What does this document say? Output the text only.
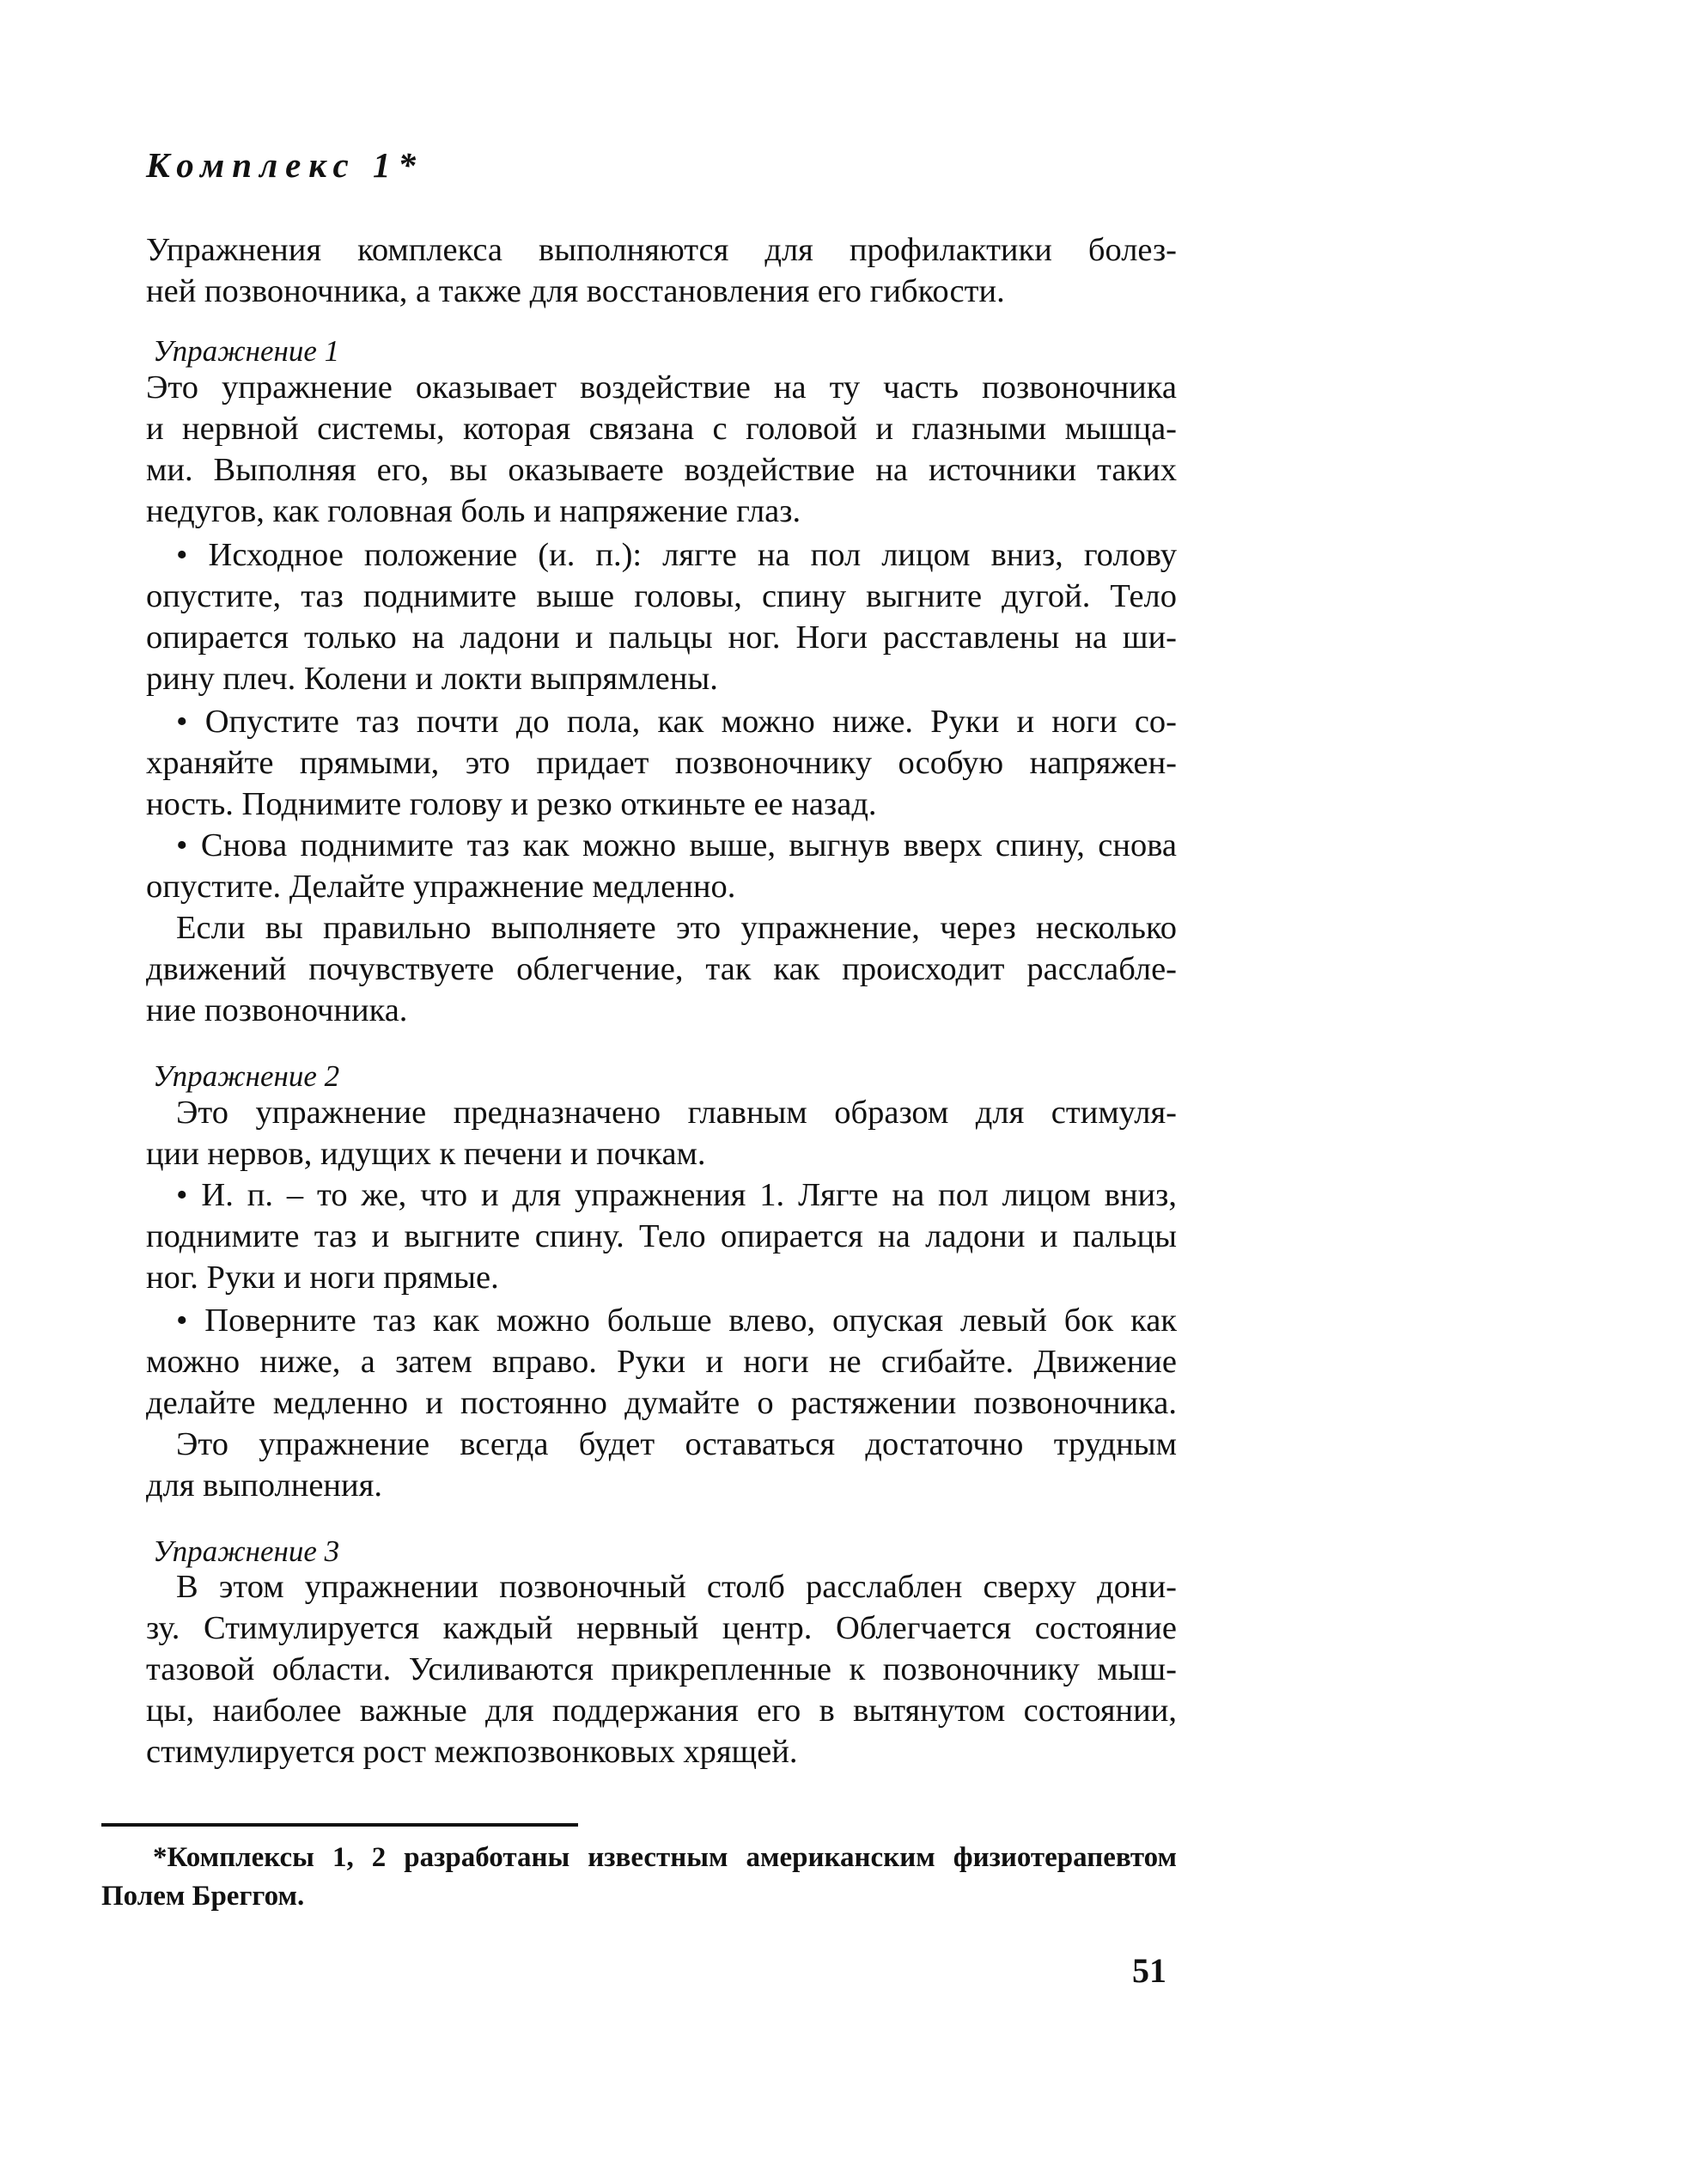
Комплекс 1*
Упражнения комплекса выполняются для профилактики болез-
ней позвоночника, а также для восстановления его гибкости.
Упражнение 1
Это упражнение оказывает воздействие на ту часть позвоночника
и нервной системы, которая связана с головой и глазными мышца-
ми. Выполняя его, вы оказываете воздействие на источники таких
недугов, как головная боль и напряжение глаз.
• Исходное положение (и. п.): лягте на пол лицом вниз, голову
опустите, таз поднимите выше головы, спину выгните дугой. Тело
опирается только на ладони и пальцы ног. Ноги расставлены на ши-
рину плеч. Колени и локти выпрямлены.
• Опустите таз почти до пола, как можно ниже. Руки и ноги со-
храняйте прямыми, это придает позвоночнику особую напряжен-
ность. Поднимите голову и резко откиньте ее назад.
• Снова поднимите таз как можно выше, выгнув вверх спину, снова
опустите. Делайте упражнение медленно.
Если вы правильно выполняете это упражнение, через несколько
движений почувствуете облегчение, так как происходит расслабле-
ние позвоночника.
Упражнение 2
Это упражнение предназначено главным образом для стимуля-
ции нервов, идущих к печени и почкам.
• И. п. – то же, что и для упражнения 1. Лягте на пол лицом вниз,
поднимите таз и выгните спину. Тело опирается на ладони и пальцы
ног. Руки и ноги прямые.
• Поверните таз как можно больше влево, опуская левый бок как
можно ниже, а затем вправо. Руки и ноги не сгибайте. Движение
делайте медленно и постоянно думайте о растяжении позвоночника.
Это упражнение всегда будет оставаться достаточно трудным
для выполнения.
Упражнение 3
В этом упражнении позвоночный столб расслаблен сверху дони-
зу. Стимулируется каждый нервный центр. Облегчается состояние
тазовой области. Усиливаются прикрепленные к позвоночнику мыш-
цы, наиболее важные для поддержания его в вытянутом состоянии,
стимулируется рост межпозвонковых хрящей.
*Комплексы 1, 2 разработаны известным американским физиотерапевтом
Полем Бреггом.
51
